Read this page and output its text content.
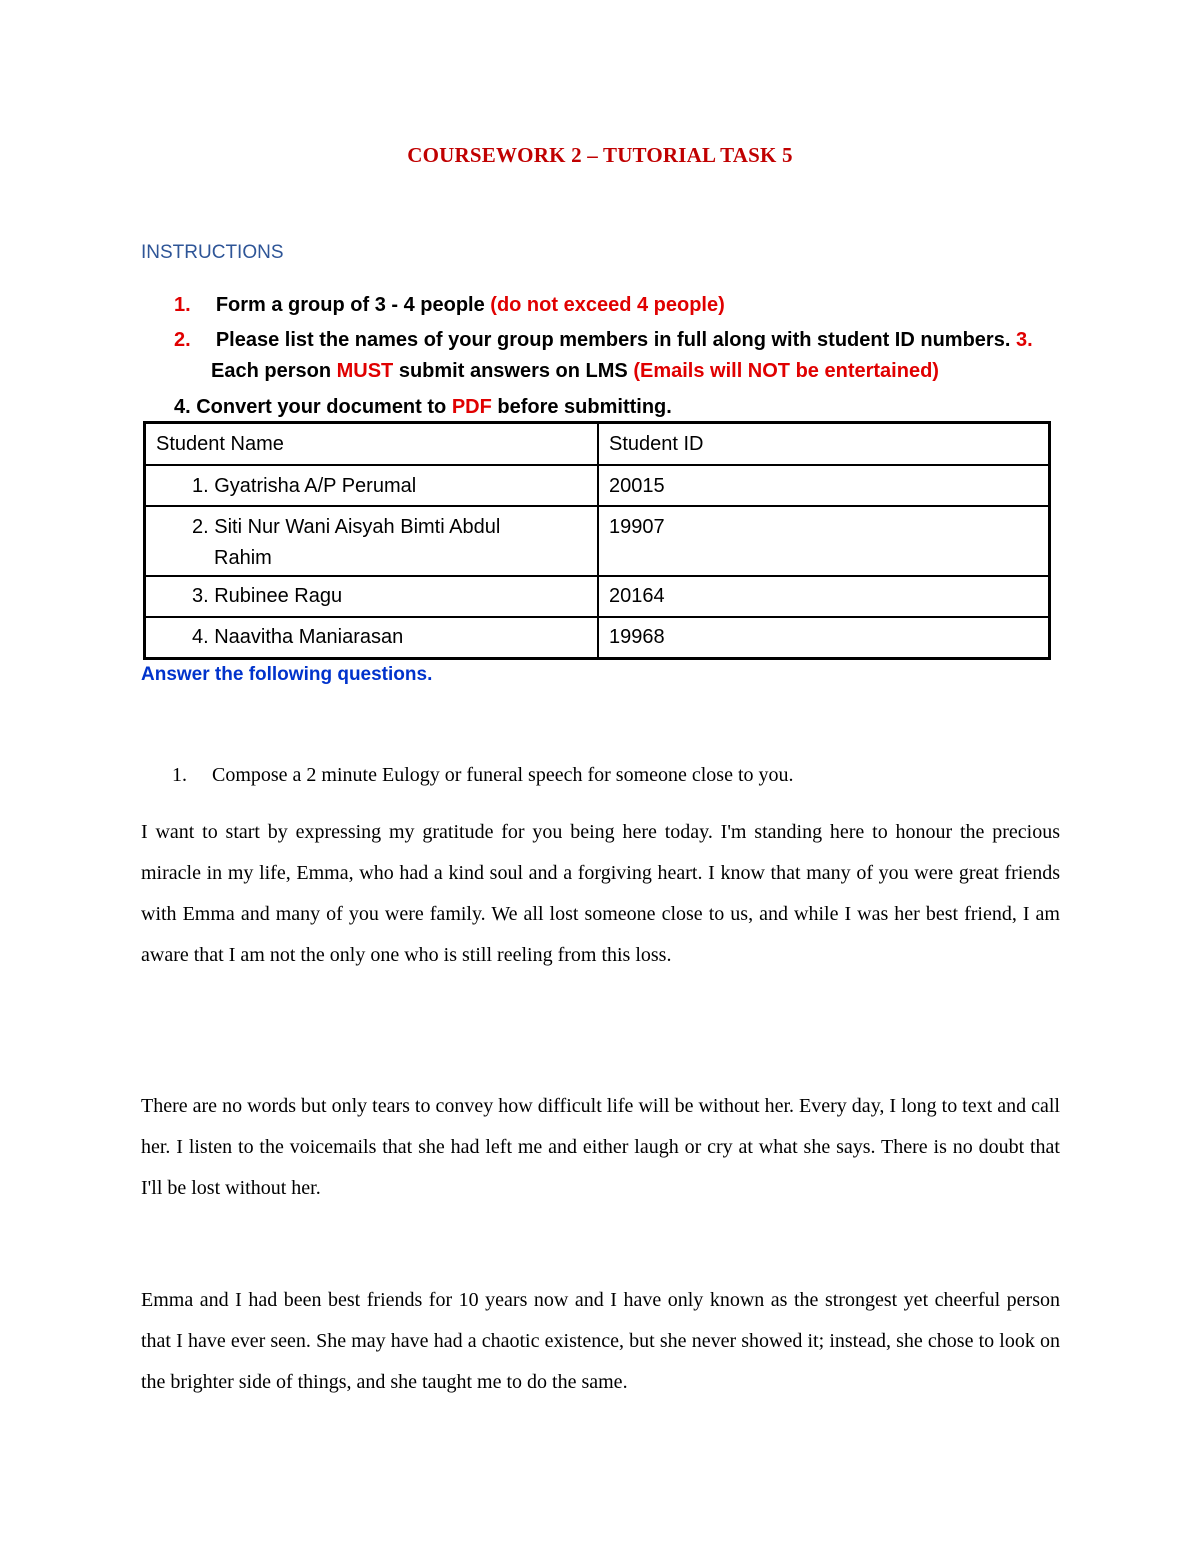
COURSEWORK 2 – TUTORIAL TASK 5
INSTRUCTIONS
1. Form a group of 3 - 4 people (do not exceed 4 people)
2. Please list the names of your group members in full along with student ID numbers. 3.
Each person MUST submit answers on LMS (Emails will NOT be entertained)
4. Convert your document to PDF before submitting.
Student Name	Student ID

1. Gyatrisha A/P Perumal	20015

2. Siti Nur Wani Aisyah Bimti Abdul
Rahim	19907

3. Rubinee Ragu	20164

4. Naavitha Maniarasan	19968
Answer the following questions.
1. Compose a 2 minute Eulogy or funeral speech for someone close to you.

I want to start by expressing my gratitude for you being here today. I'm standing here to honour the precious miracle in my life, Emma, who had a kind soul and a forgiving heart. I know that many of you were great friends with Emma and many of you were family. We all lost someone close to us, and while I was her best friend, I am aware that I am not the only one who is still reeling from this loss.

There are no words but only tears to convey how difficult life will be without her. Every day, I long to text and call her. I listen to the voicemails that she had left me and either laugh or cry at what she says. There is no doubt that I'll be lost without her.

Emma and I had been best friends for 10 years now and I have only known as the strongest yet cheerful person that I have ever seen. She may have had a chaotic existence, but she never showed it; instead, she chose to look on the brighter side of things, and she taught me to do the same.
